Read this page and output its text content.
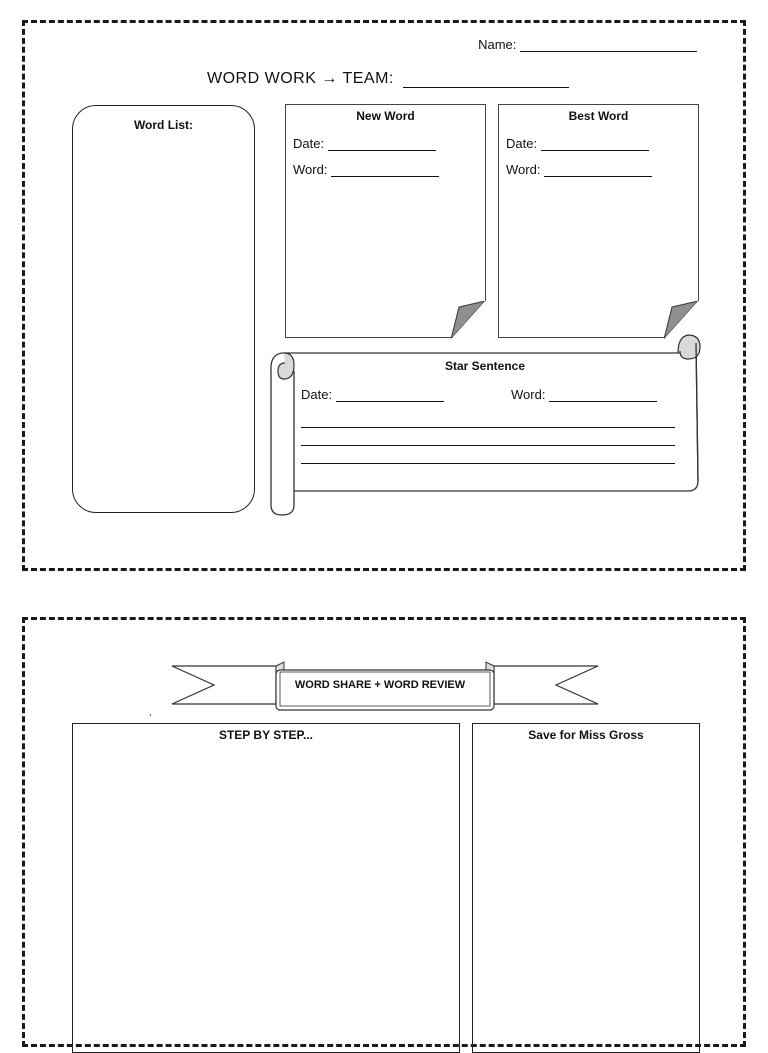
Name:
WORD WORK → TEAM:
Word List:
New Word
Date:
Word:
Best Word
Date:
Word:
Star Sentence
Date:	Word:
WORD SHARE + WORD REVIEW
,
STEP BY STEP...	Save for Miss Gross
